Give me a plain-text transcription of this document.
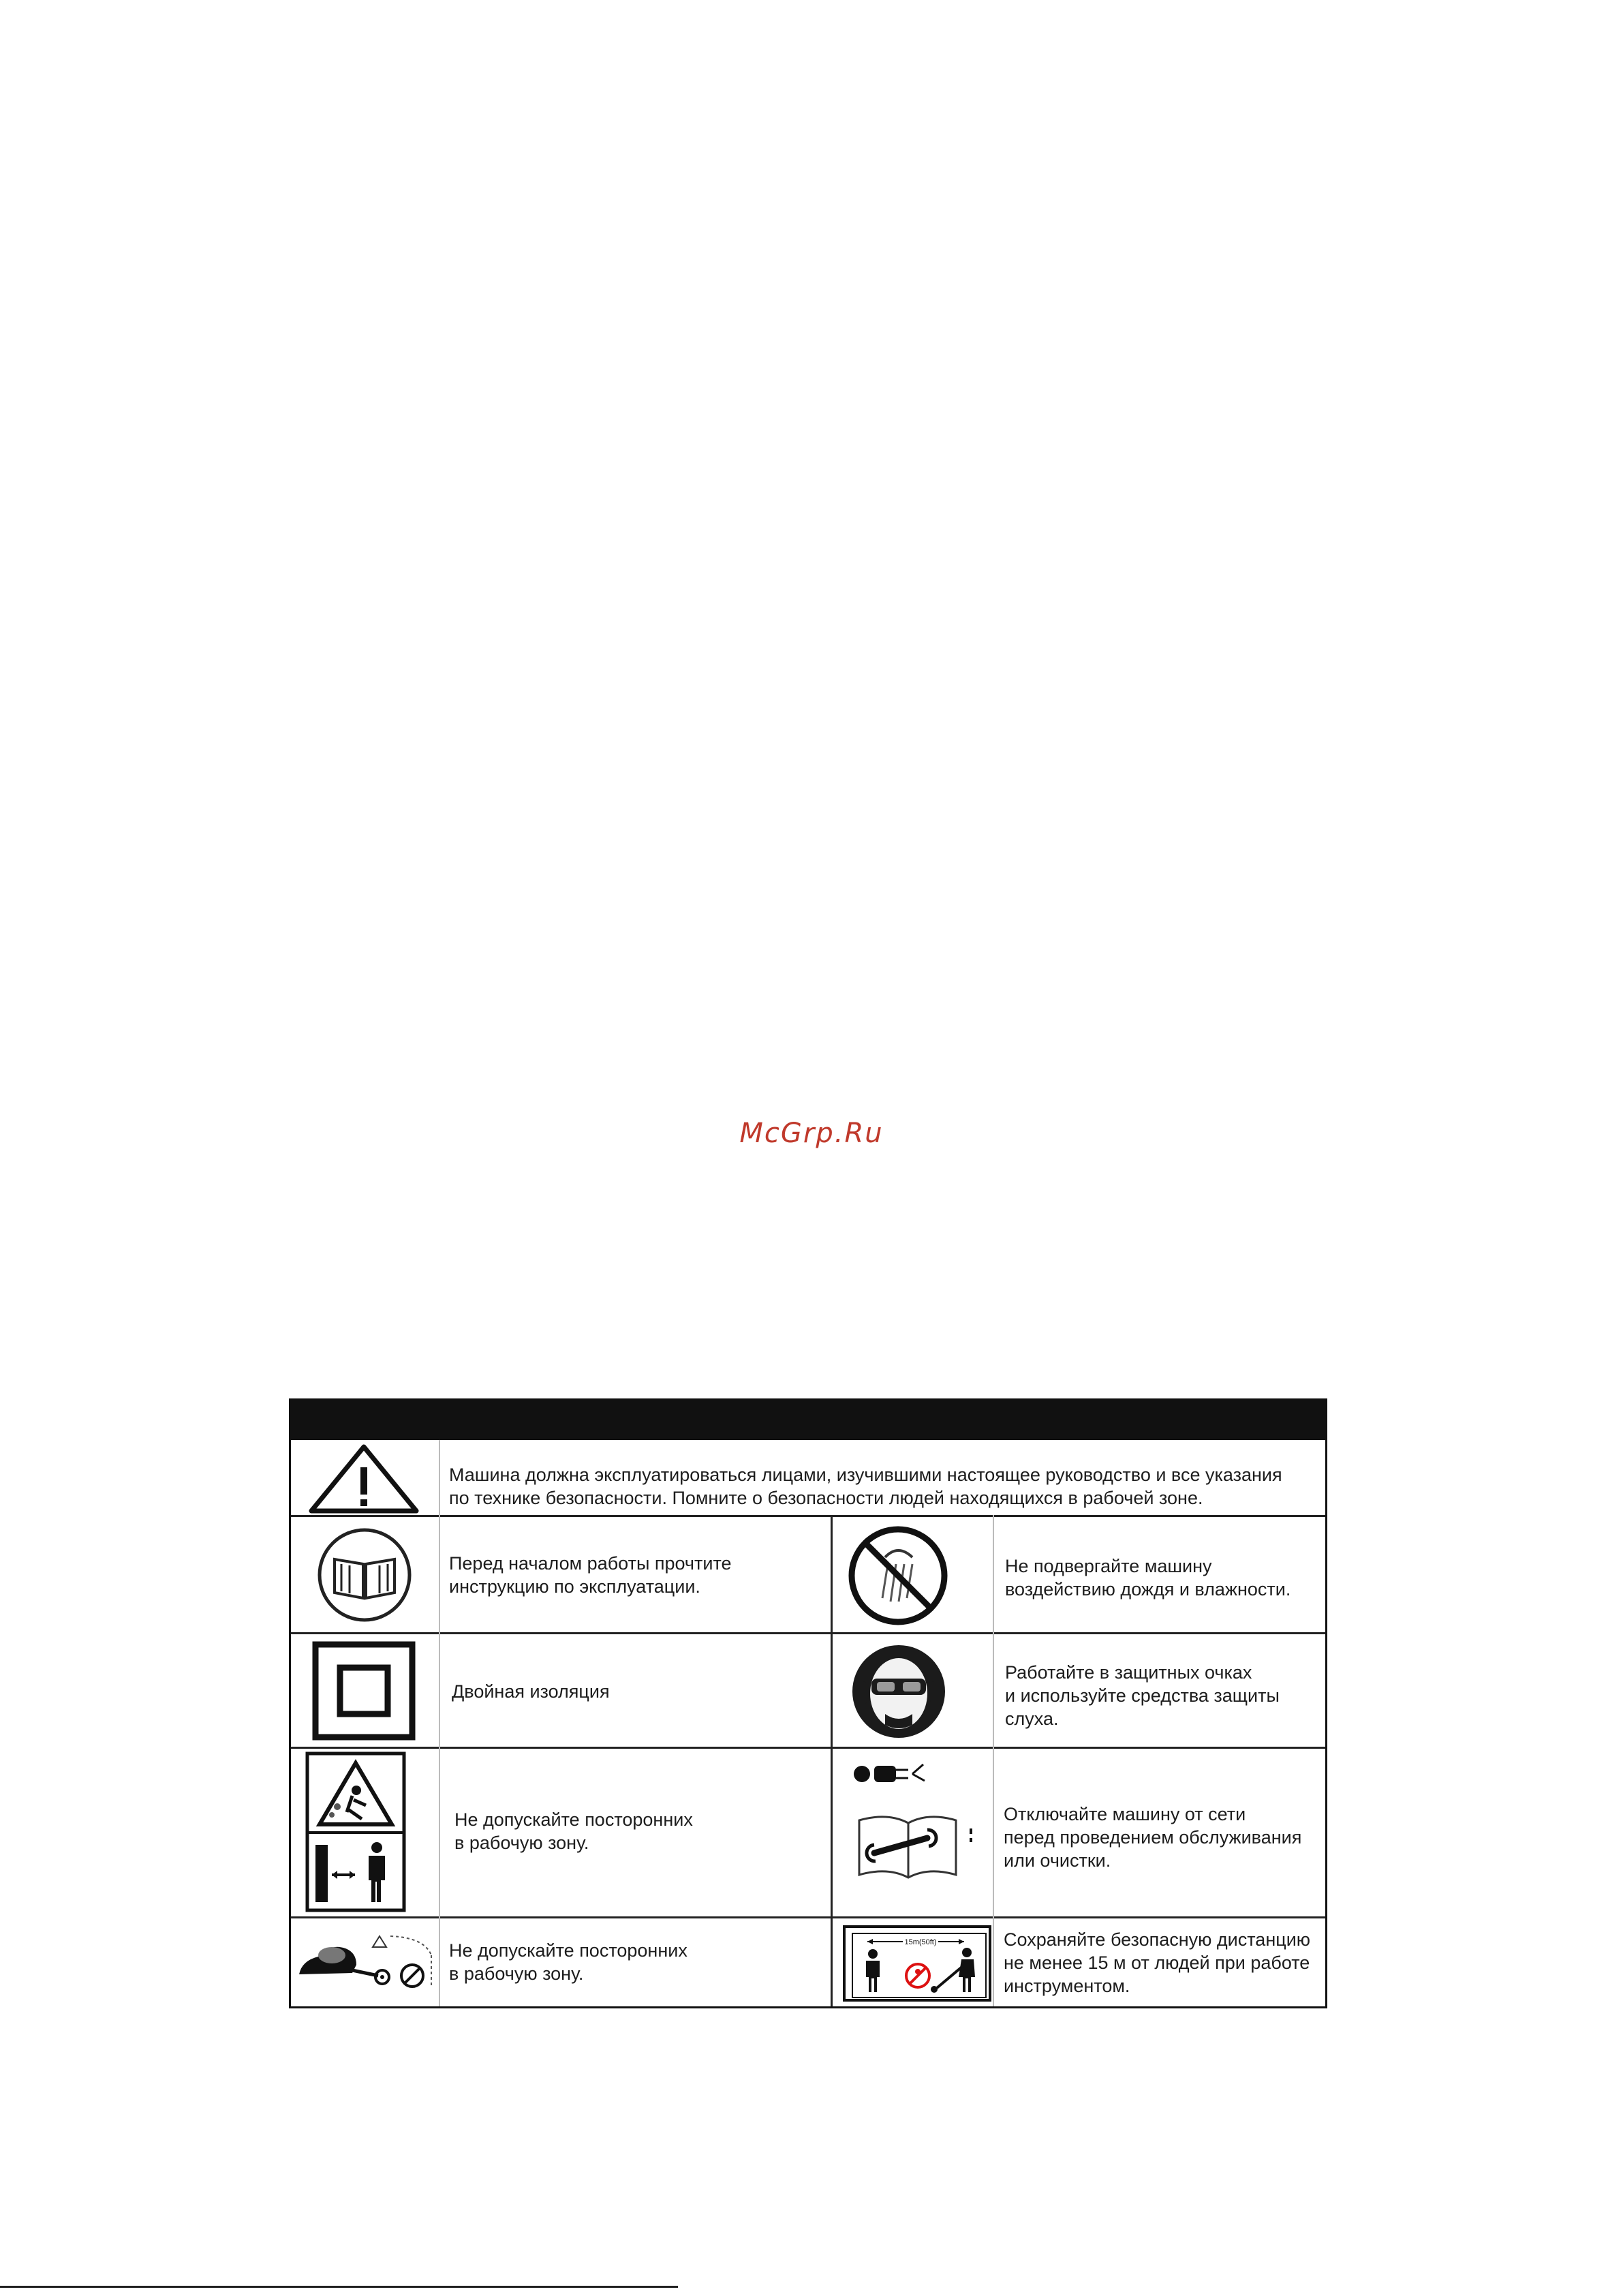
McGrp.Ru
Машина должна эксплуатироваться лицами, изучившими настоящее руководство и все указания
по технике безопасности. Помните о безопасности людей находящихся в рабочей зоне.
Перед началом работы прочтите
инструкцию по эксплуатации.
Не подвергайте машину
воздействию дождя и влажности.
Двойная изоляция
Работайте в защитных очках
и используйте средства защиты
слуха.
Не допускайте посторонних
в рабочую зону.
Отключайте машину от сети
перед проведением обслуживания
или очистки.
Не допускайте посторонних
в рабочую зону.
15m(50ft)	Сохраняйте безопасную дистанцию
не менее 15 м от людей при работе
инструментом.
